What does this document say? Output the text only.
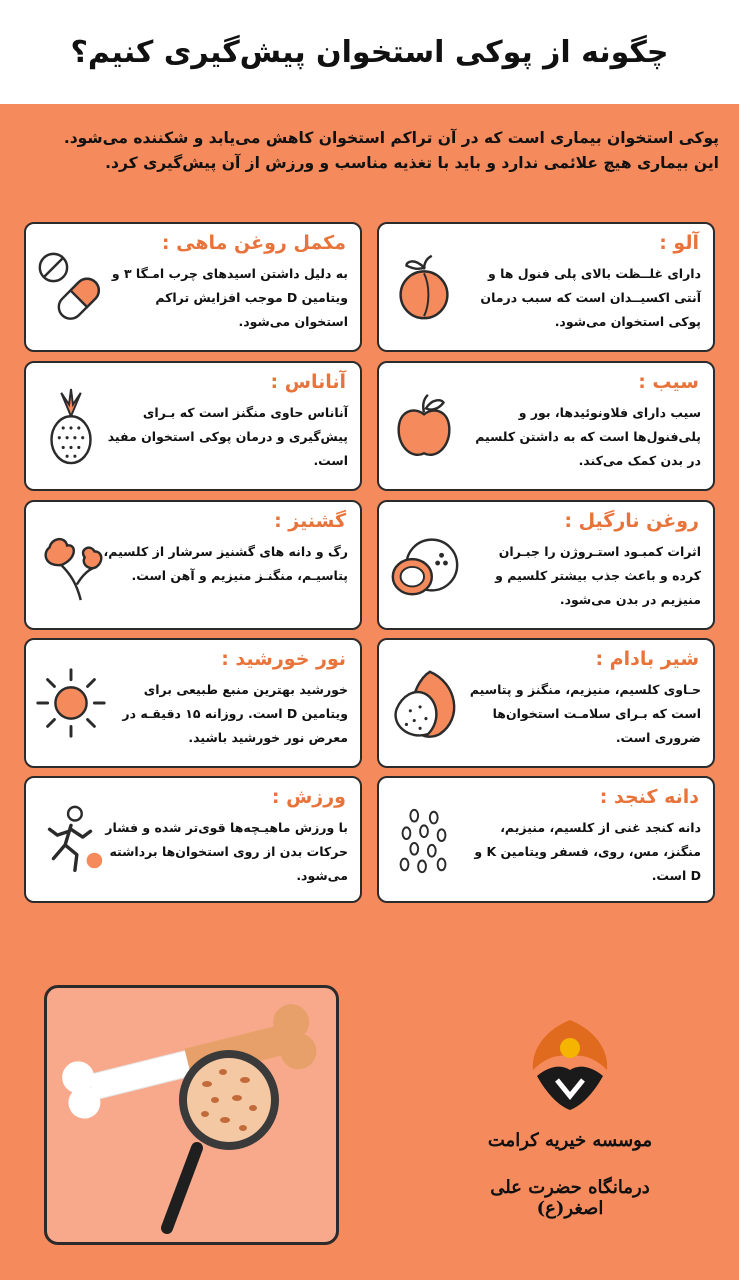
چگونه از پوکی استخوان پیش‌گیری کنیم؟

پوکی استخوان بیماری است که در آن تراکم استخوان کاهش می‌یابد و شکننده می‌شود.

این بیماری هیچ علائمی ندارد و باید با تغذیه مناسب و ورزش از آن پیش‌گیری کرد.

آلو :
دارای غلــظت بالای پلی فنول ها و آنتی اکسیــدان است که سبب درمان پوکی استخوان می‌شود.
مکمل روغن ماهی :
به دلیل داشتن اسیدهای چرب امـگا ۳ و ویتامین D موجب افزایش تراکم استخوان می‌شود.
سیب :
سیب دارای فلاونوئیدها، بور و پلی‌فنول‌ها است که به داشتن کلسیم در بدن کمک می‌کند.
آناناس :
آناناس حاوی منگنز است که بـرای پیش‌گیری و درمان پوکی استخوان مفید است.
روغن نارگیل :
اثرات کمبـود استـروژن را جبـران کرده و باعث جذب بیشتر کلسیم و منیزیم در بدن می‌شود.
گشنیز :
رگ و دانه های گشنیز سرشار از کلسیم، پتاسیـم، منگنـز منیزیم و آهن است.
شیر بادام :
حـاوی کلسیم، منیزیم، منگنز و پتاسیم است که بـرای سلامـت استخوان‌ها ضروری است.
نور خورشید :
خورشید بهترین منبع طبیعی برای ویتامین D است. روزانه ۱۵ دقیقـه در معرض نور خورشید باشید.
دانه کنجد :
دانه کنجد غنی از کلسیم، منیزیم، منگنز، مس، روی، فسفر ویتامین K و D است.
ورزش :
با ورزش ماهیـچه‌ها قوی‌تر شده و فشار حرکات بدن از روی استخوان‌ها برداشته می‌شود.
موسسه خیریه کرامت
درمانگاه حضرت علی اصغر(ع)
